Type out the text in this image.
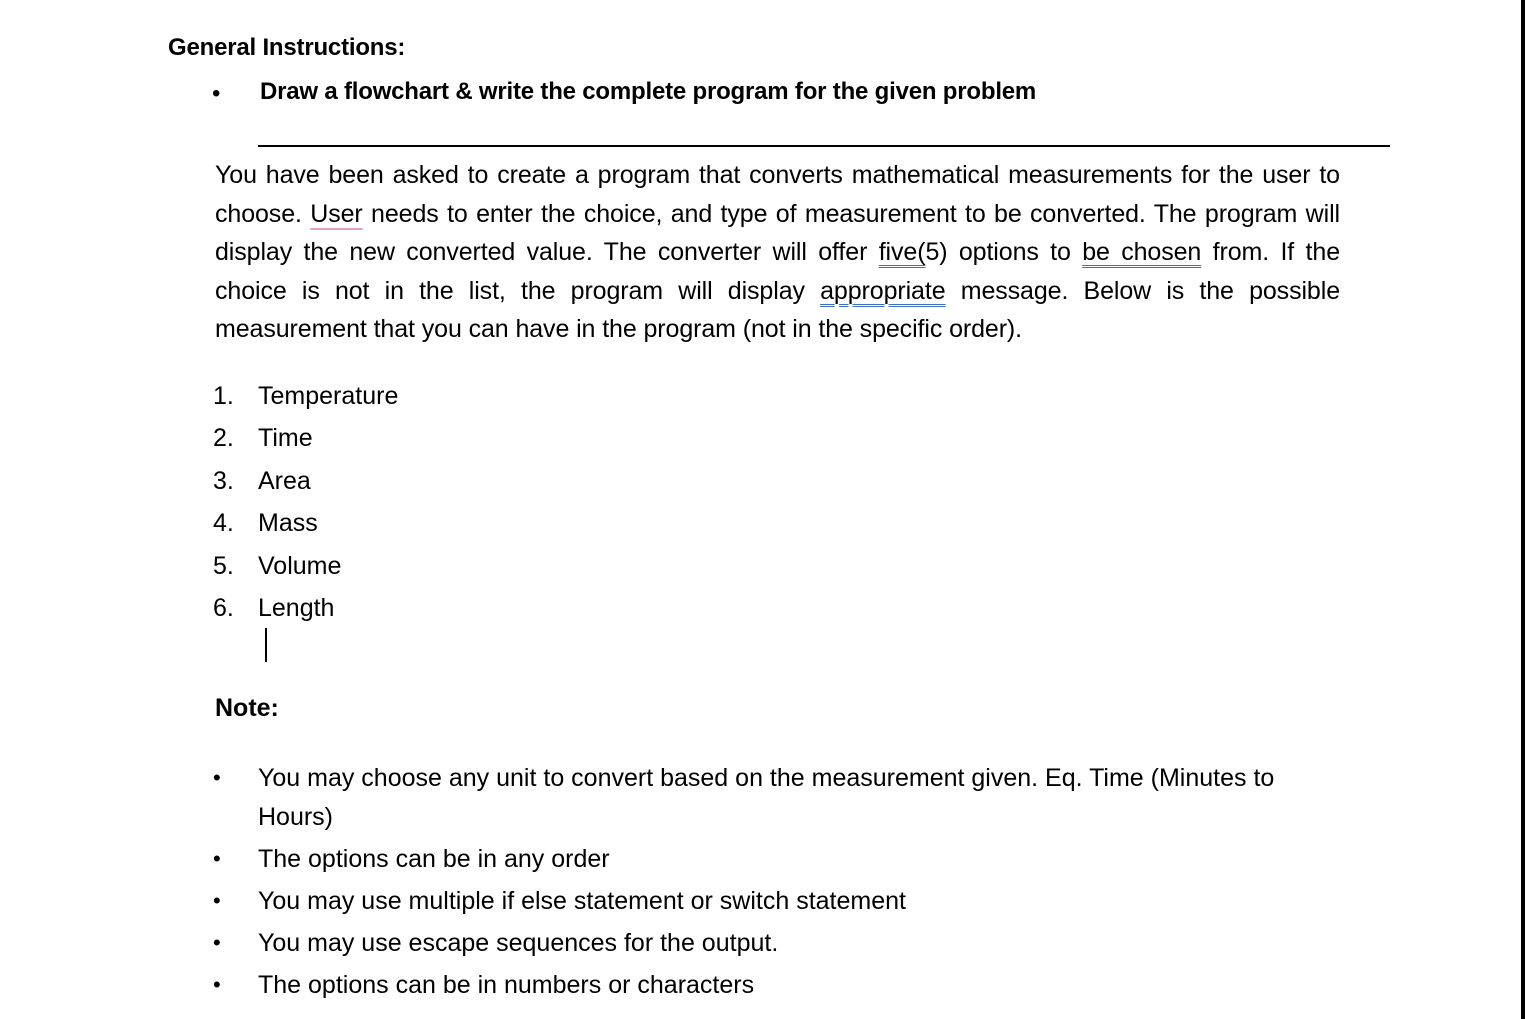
General Instructions:
• Draw a flowchart & write the complete program for the given problem
You have been asked to create a program that converts mathematical measurements for the user to choose. User needs to enter the choice, and type of measurement to be converted. The program will display the new converted value. The converter will offer five(5) options to be chosen from. If the choice is not in the list, the program will display appropriate message. Below is the possible measurement that you can have in the program (not in the specific order).
1. Temperature
2. Time
3. Area
4. Mass
5. Volume
6. Length
Note:
• You may choose any unit to convert based on the measurement given. Eq. Time (Minutes to Hours)
• The options can be in any order
• You may use multiple if else statement or switch statement
• You may use escape sequences for the output.
• The options can be in numbers or characters
